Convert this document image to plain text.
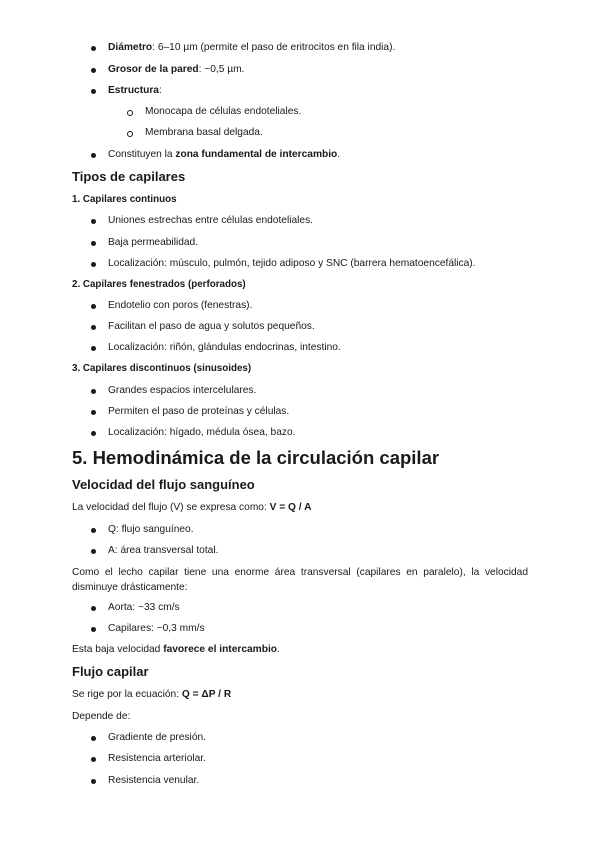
Diámetro: 6–10 µm (permite el paso de eritrocitos en fila india).
Grosor de la pared: ~0,5 µm.
Estructura:
Monocapa de células endoteliales.
Membrana basal delgada.
Constituyen la zona fundamental de intercambio.
Tipos de capilares
1. Capilares continuos
Uniones estrechas entre células endoteliales.
Baja permeabilidad.
Localización: músculo, pulmón, tejido adiposo y SNC (barrera hematoencefálica).
2. Capilares fenestrados (perforados)
Endotelio con poros (fenestras).
Facilitan el paso de agua y solutos pequeños.
Localización: riñón, glándulas endocrinas, intestino.
3. Capilares discontinuos (sinusoides)
Grandes espacios intercelulares.
Permiten el paso de proteínas y células.
Localización: hígado, médula ósea, bazo.
5. Hemodinámica de la circulación capilar
Velocidad del flujo sanguíneo
La velocidad del flujo (V) se expresa como: V = Q / A
Q: flujo sanguíneo.
A: área transversal total.
Como el lecho capilar tiene una enorme área transversal (capilares en paralelo), la velocidad disminuye drásticamente:
Aorta: ~33 cm/s
Capilares: ~0,3 mm/s
Esta baja velocidad favorece el intercambio.
Flujo capilar
Se rige por la ecuación: Q = ΔP / R
Depende de:
Gradiente de presión.
Resistencia arteriolar.
Resistencia venular.
